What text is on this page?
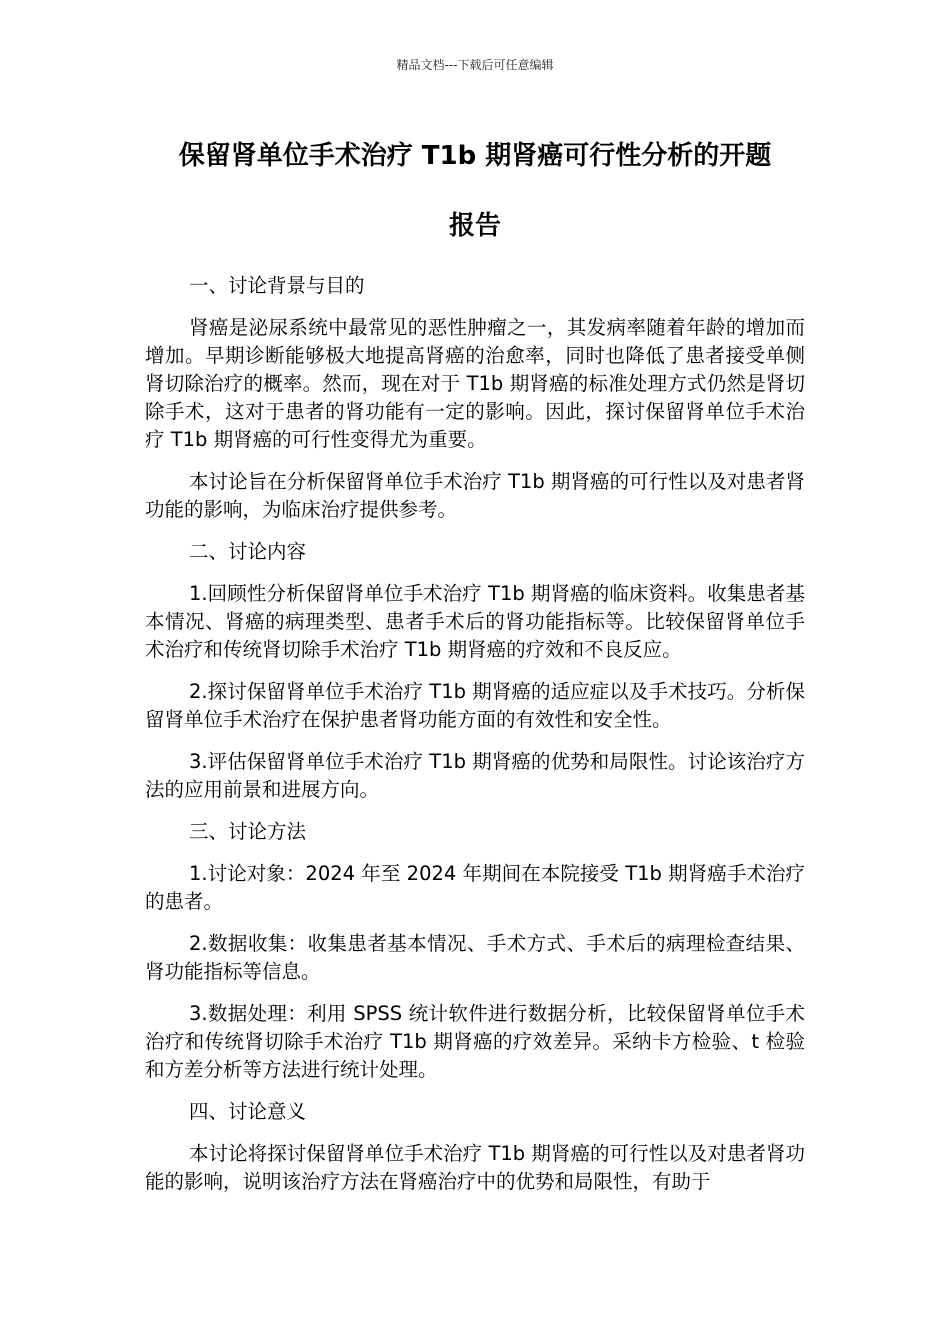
精品文档---下载后可任意编辑
保留肾单位手术治疗 T1b 期肾癌可行性分析的开题
报告
一、讨论背景与目的

肾癌是泌尿系统中最常见的恶性肿瘤之一，其发病率随着年龄的增加而增加。早期诊断能够极大地提高肾癌的治愈率，同时也降低了患者接受单侧肾切除治疗的概率。然而，现在对于 T1b 期肾癌的标准处理方式仍然是肾切除手术，这对于患者的肾功能有一定的影响。因此，探讨保留肾单位手术治疗 T1b 期肾癌的可行性变得尤为重要。

本讨论旨在分析保留肾单位手术治疗 T1b 期肾癌的可行性以及对患者肾功能的影响，为临床治疗提供参考。

二、讨论内容

1.回顾性分析保留肾单位手术治疗 T1b 期肾癌的临床资料。收集患者基本情况、肾癌的病理类型、患者手术后的肾功能指标等。比较保留肾单位手术治疗和传统肾切除手术治疗 T1b 期肾癌的疗效和不良反应。

2.探讨保留肾单位手术治疗 T1b 期肾癌的适应症以及手术技巧。分析保留肾单位手术治疗在保护患者肾功能方面的有效性和安全性。

3.评估保留肾单位手术治疗 T1b 期肾癌的优势和局限性。讨论该治疗方法的应用前景和进展方向。

三、讨论方法

1.讨论对象：2024 年至 2024 年期间在本院接受 T1b 期肾癌手术治疗的患者。

2.数据收集：收集患者基本情况、手术方式、手术后的病理检查结果、肾功能指标等信息。

3.数据处理：利用 SPSS 统计软件进行数据分析，比较保留肾单位手术治疗和传统肾切除手术治疗 T1b 期肾癌的疗效差异。采纳卡方检验、t 检验和方差分析等方法进行统计处理。

四、讨论意义

本讨论将探讨保留肾单位手术治疗 T1b 期肾癌的可行性以及对患者肾功能的影响，说明该治疗方法在肾癌治疗中的优势和局限性，有助于
